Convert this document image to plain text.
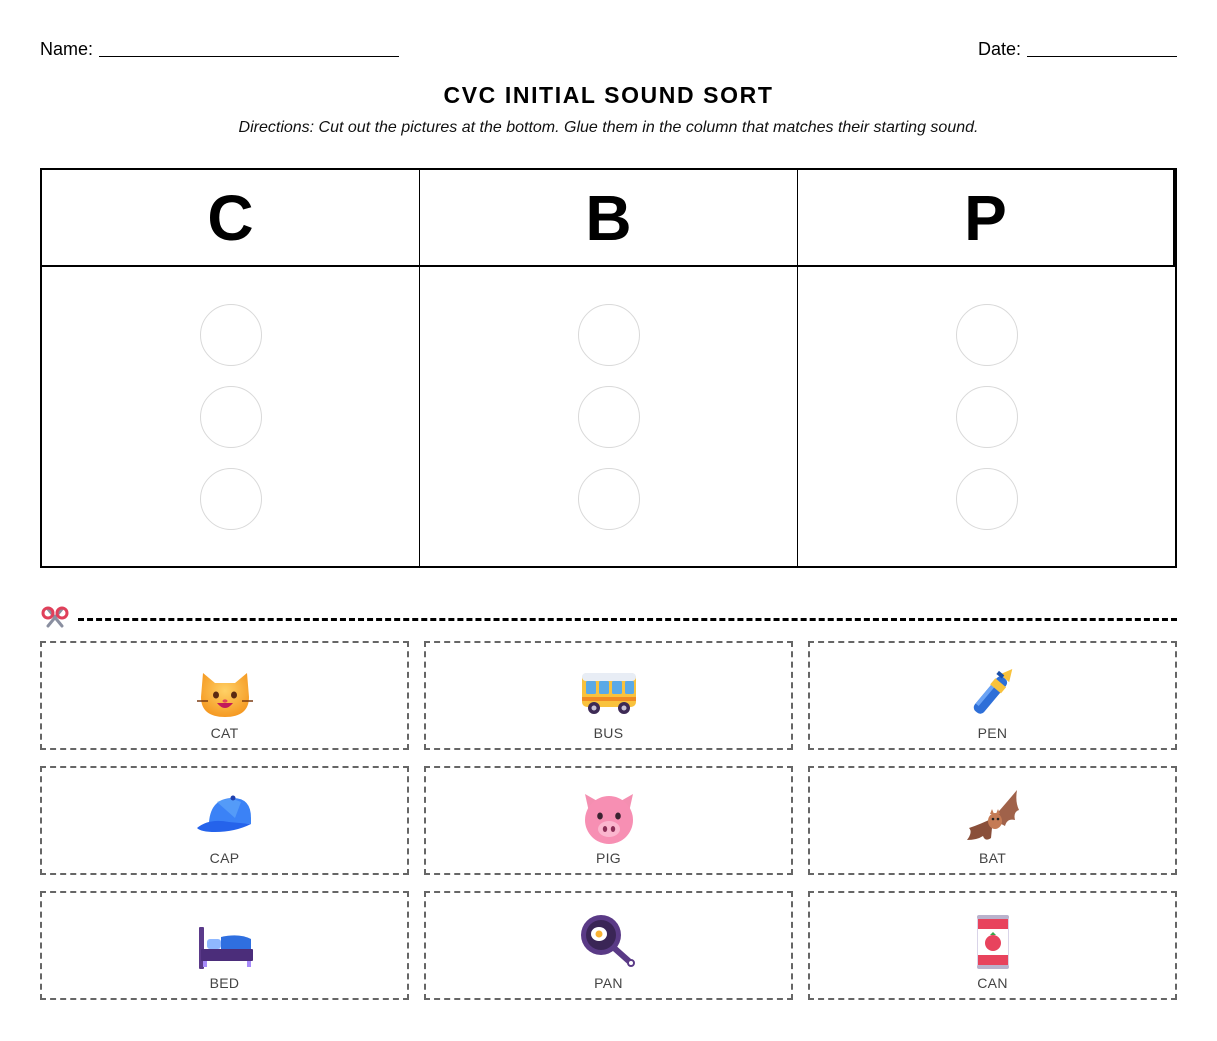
Name:	Date:
CVC INITIAL SOUND SORT
Directions: Cut out the pictures at the bottom. Glue them in the column that matches their starting sound.
C	B	P
CAT	BUS	PEN
CAP	PIG	BAT
BED	PAN	CAN
